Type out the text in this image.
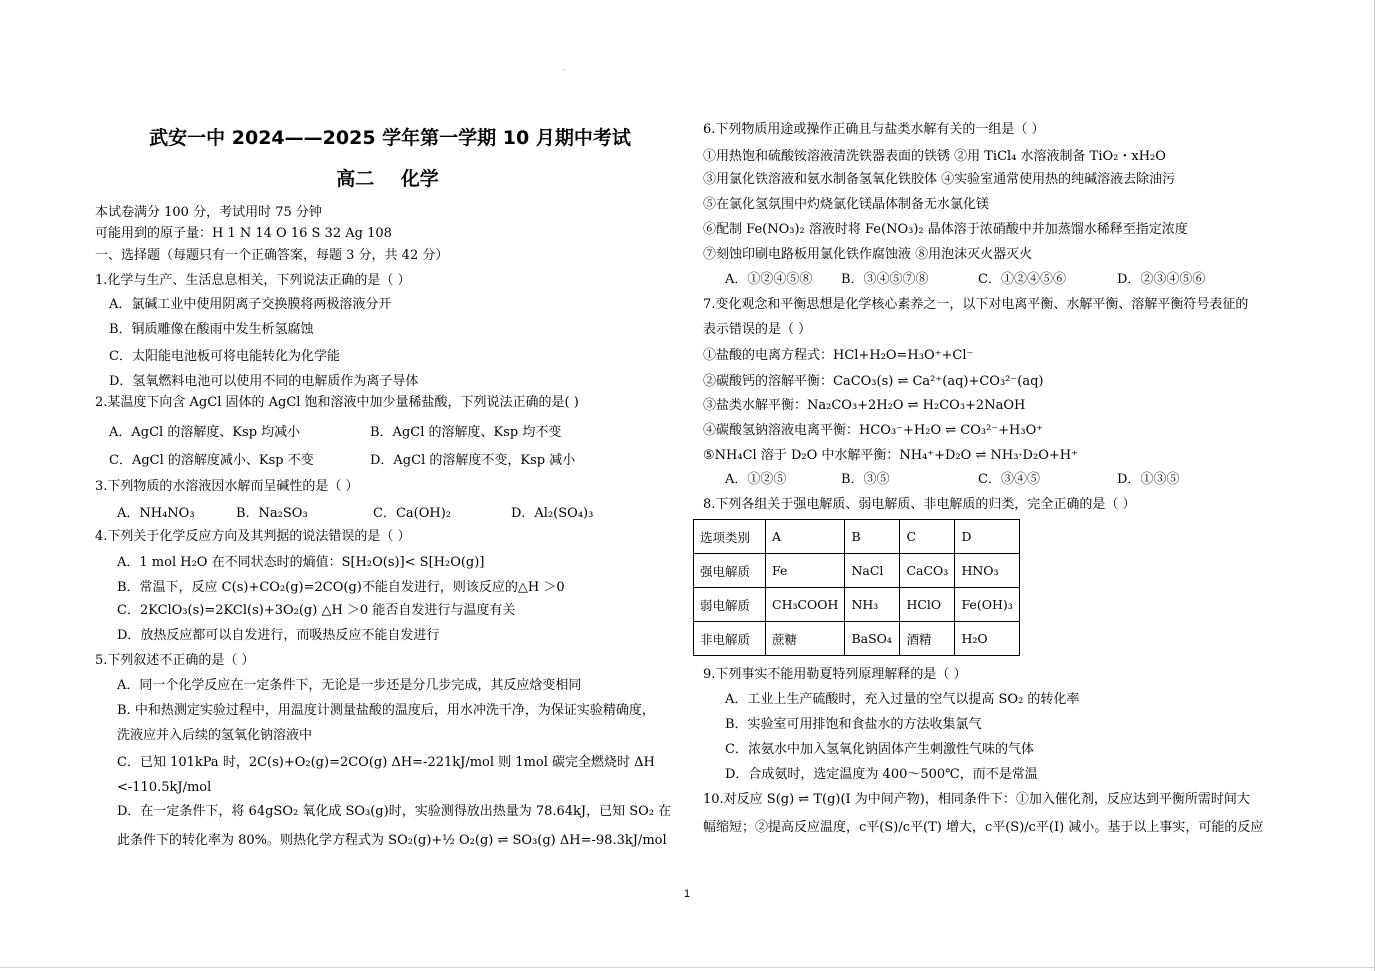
·
武安一中 2024——2025 学年第一学期 10 月期中考试
高二    化学
本试卷满分 100 分，考试用时 75 分钟
可能用到的原子量：H 1 N 14 O 16 S 32 Ag 108
一、选择题（每题只有一个正确答案，每题 3 分，共 42 分）
1.化学与生产、生活息息相关，下列说法正确的是（ ）
A．氯碱工业中使用阴离子交换膜将两极溶液分开
B．铜质雕像在酸雨中发生析氢腐蚀
C．太阳能电池板可将电能转化为化学能
D．氢氧燃料电池可以使用不同的电解质作为离子导体
2.某温度下向含 AgCl 固体的 AgCl 饱和溶液中加少量稀盐酸，下列说法正确的是( )
A．AgCl 的溶解度、Ksp 均减小	B．AgCl 的溶解度、Ksp 均不变
C．AgCl 的溶解度减小、Ksp 不变	D．AgCl 的溶解度不变，Ksp 减小
3.下列物质的水溶液因水解而呈碱性的是（ ）
A．NH₄NO₃	B．Na₂SO₃	C．Ca(OH)₂	D．Al₂(SO₄)₃
4.下列关于化学反应方向及其判据的说法错误的是（ ）
A．1 mol H₂O 在不同状态时的熵值：S[H₂O(s)]< S[H₂O(g)]
B．常温下，反应 C(s)+CO₂(g)=2CO(g)不能自发进行，则该反应的△H ＞0
C．2KClO₃(s)=2KCl(s)+3O₂(g) △H ＞0 能否自发进行与温度有关
D．放热反应都可以自发进行，而吸热反应不能自发进行
5.下列叙述不正确的是（ ）
A．同一个化学反应在一定条件下，无论是一步还是分几步完成，其反应焓变相同
B. 中和热测定实验过程中，用温度计测量盐酸的温度后，用水冲洗干净，为保证实验精确度，
洗液应并入后续的氢氧化钠溶液中
C．已知 101kPa 时，2C(s)+O₂(g)=2CO(g) ΔH=-221kJ/mol 则 1mol 碳完全燃烧时 ΔH
<-110.5kJ/mol
D．在一定条件下，将 64gSO₂ 氧化成 SO₃(g)时，实验测得放出热量为 78.64kJ，已知 SO₂ 在
此条件下的转化率为 80%。则热化学方程式为 SO₂(g)+½ O₂(g) ⇌ SO₃(g) ΔH=-98.3kJ/mol
6.下列物质用途或操作正确且与盐类水解有关的一组是（ ）
①用热饱和硫酸铵溶液清洗铁器表面的铁锈 ②用 TiCl₄ 水溶液制备 TiO₂・xH₂O
③用氯化铁溶液和氨水制备氢氧化铁胶体 ④实验室通常使用热的纯碱溶液去除油污
⑤在氯化氢氛围中灼烧氯化镁晶体制备无水氯化镁
⑥配制 Fe(NO₃)₂ 溶液时将 Fe(NO₃)₂ 晶体溶于浓硝酸中并加蒸馏水稀释至指定浓度
⑦刻蚀印刷电路板用氯化铁作腐蚀液 ⑧用泡沫灭火器灭火
A．①②④⑤⑧ B．③④⑤⑦⑧	C．①②④⑤⑥	D．②③④⑤⑥
7.变化观念和平衡思想是化学核心素养之一，以下对电离平衡、水解平衡、溶解平衡符号表征的
表示错误的是（ ）
①盐酸的电离方程式：HCl+H₂O=H₃O⁺+Cl⁻
②碳酸钙的溶解平衡：CaCO₃(s) ⇌ Ca²⁺(aq)+CO₃²⁻(aq)
③盐类水解平衡：Na₂CO₃+2H₂O ⇌ H₂CO₃+2NaOH
④碳酸氢钠溶液电离平衡：HCO₃⁻+H₂O ⇌ CO₃²⁻+H₃O⁺
⑤NH₄Cl 溶于 D₂O 中水解平衡：NH₄⁺+D₂O ⇌ NH₃·D₂O+H⁺
A．①②⑤	B．③⑤	C．③④⑤	D．①③⑤
8.下列各组关于强电解质、弱电解质、非电解质的归类，完全正确的是（ ）
选项类别	A	B	C	D
强电解质	Fe	NaCl	CaCO₃	HNO₃
弱电解质	CH₃COOH	NH₃	HClO	Fe(OH)₃
非电解质	蔗糖	BaSO₄	酒精	H₂O
9.下列事实不能用勒夏特列原理解释的是（ ）
A．工业上生产硫酸时，充入过量的空气以提高 SO₂ 的转化率
B．实验室可用排饱和食盐水的方法收集氯气
C．浓氨水中加入氢氧化钠固体产生刺激性气味的气体
D．合成氨时，选定温度为 400～500℃，而不是常温
10.对反应 S(g) ⇌ T(g)(I 为中间产物)，相同条件下：①加入催化剂，反应达到平衡所需时间大
幅缩短；②提高反应温度，c平(S)/c平(T) 增大，c平(S)/c平(I) 减小。基于以上事实，可能的反应
1
